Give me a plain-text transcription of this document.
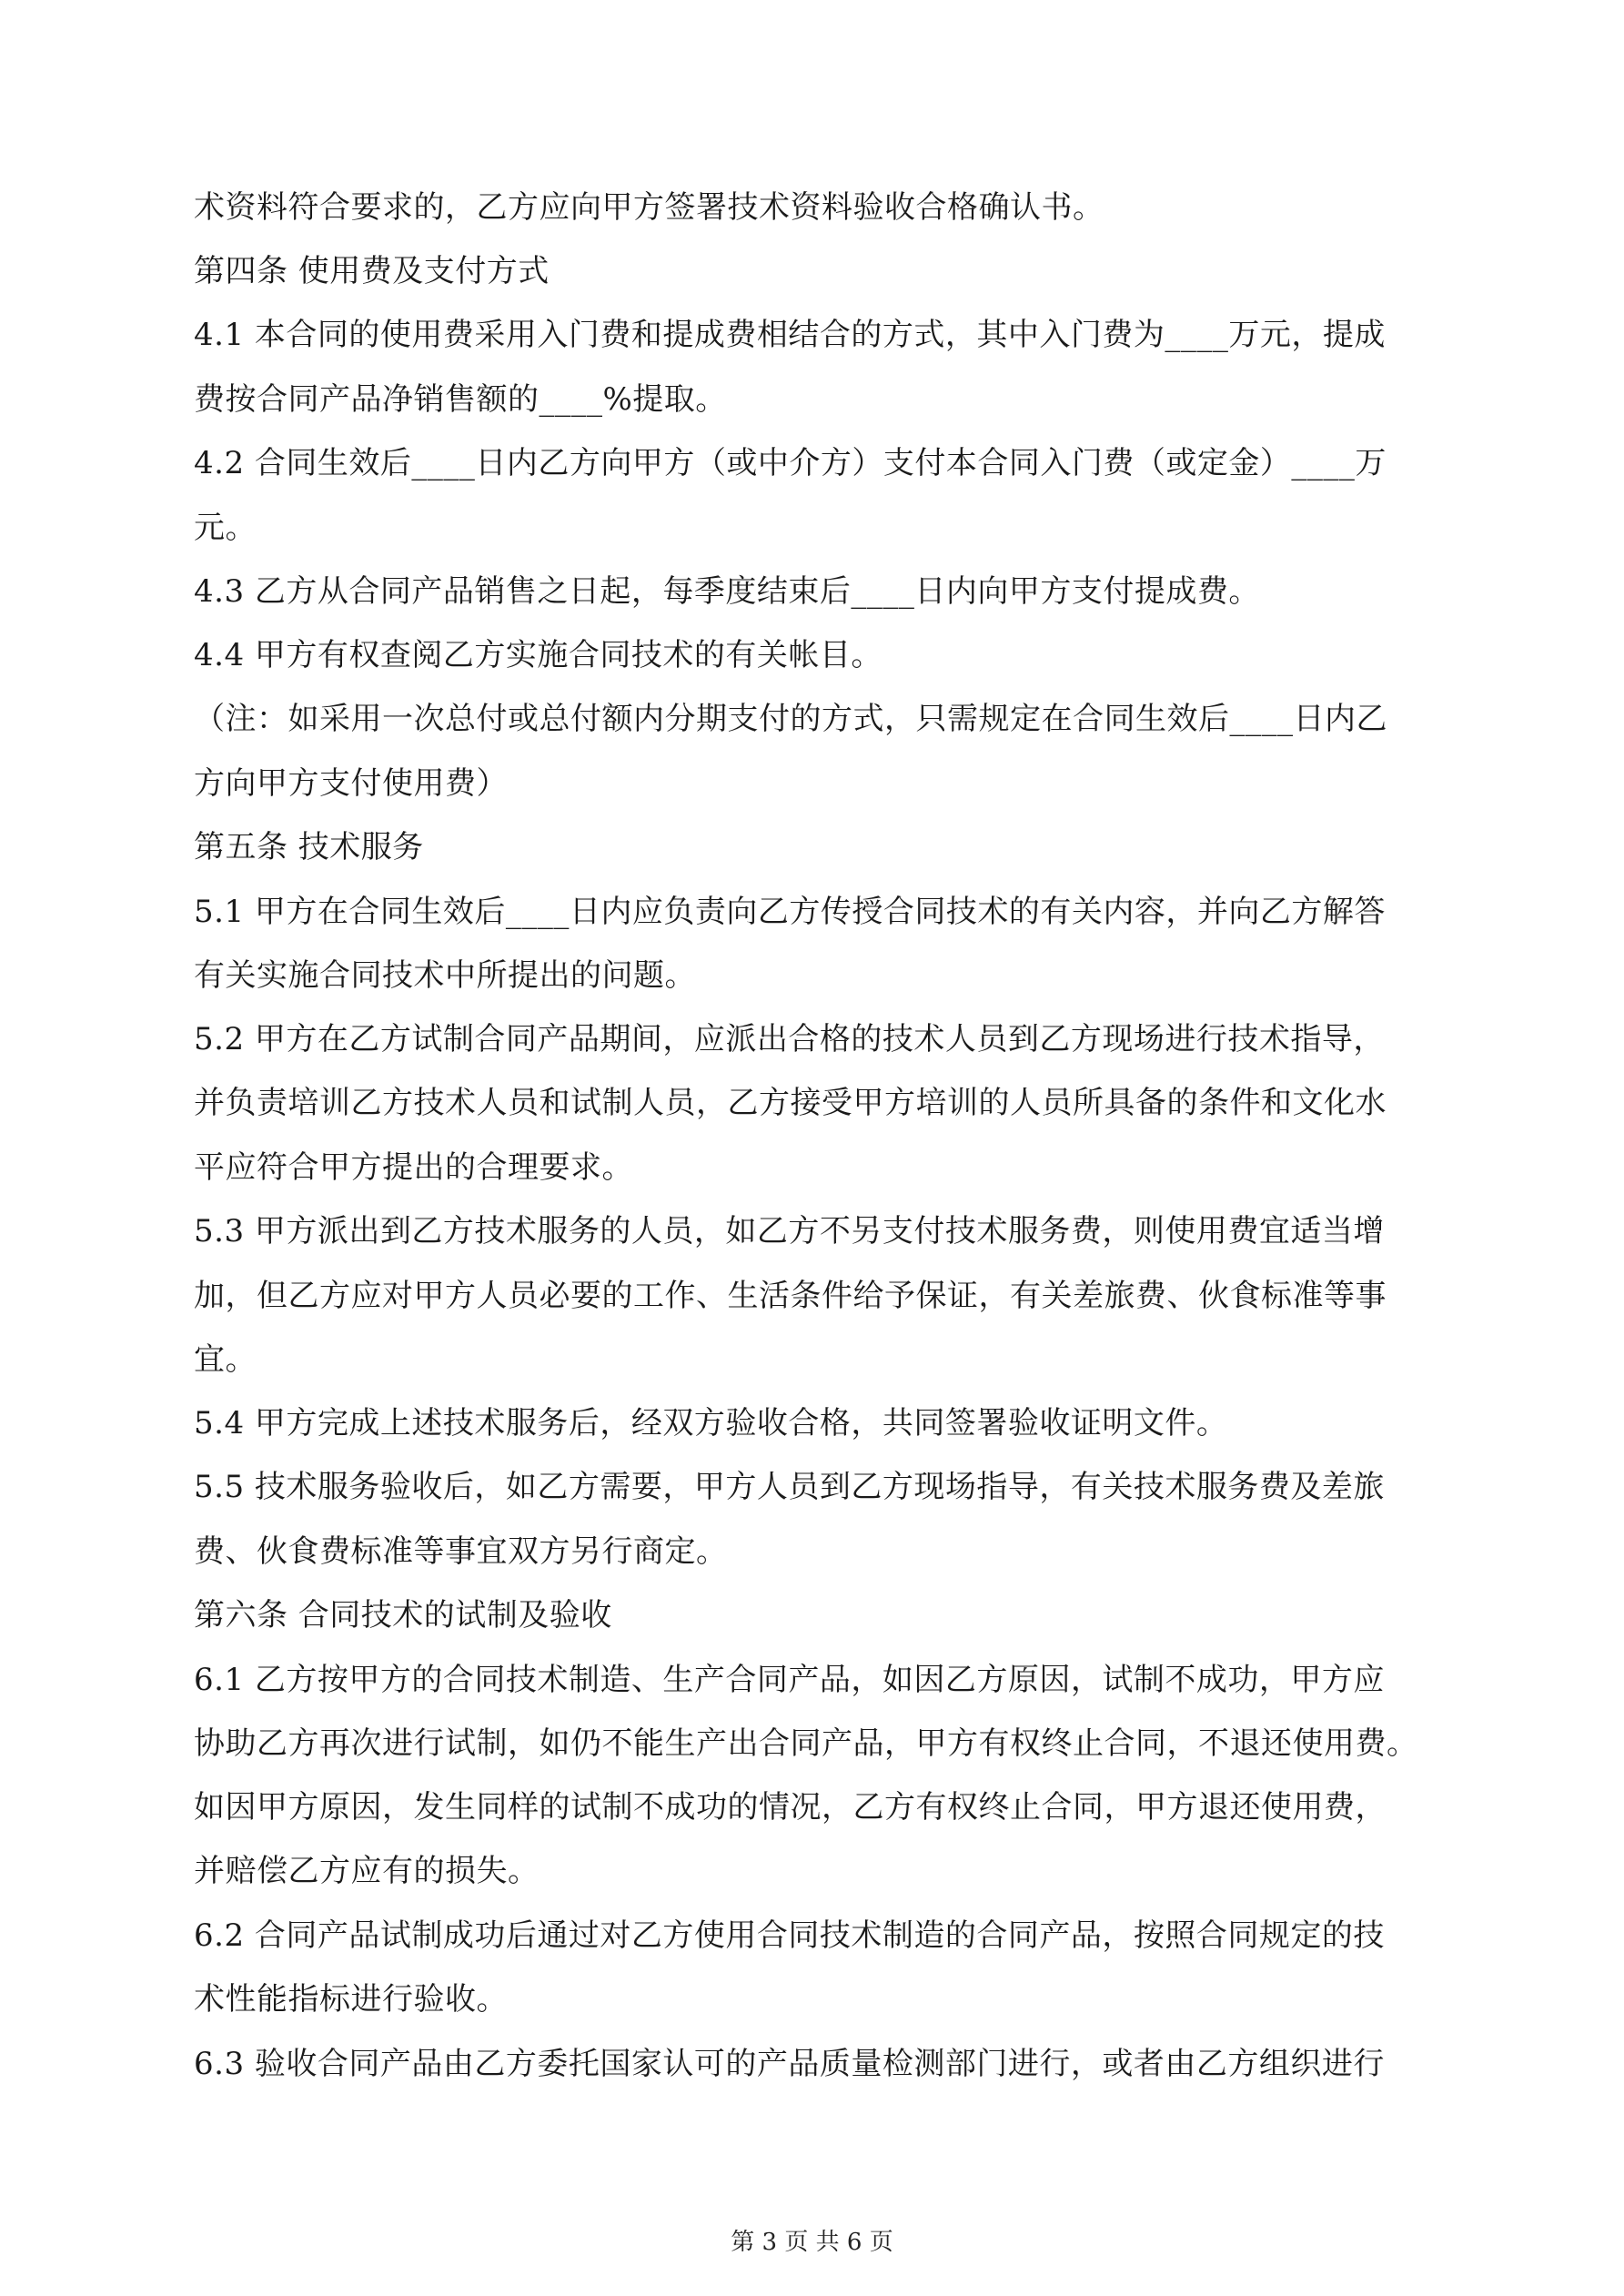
术资料符合要求的，乙方应向甲方签署技术资料验收合格确认书。
第四条 使用费及支付方式
4.1 本合同的使用费采用入门费和提成费相结合的方式，其中入门费为____万元，提成
费按合同产品净销售额的____%提取。
4.2 合同生效后____日内乙方向甲方（或中介方）支付本合同入门费（或定金）____万
元。
4.3 乙方从合同产品销售之日起，每季度结束后____日内向甲方支付提成费。
4.4 甲方有权查阅乙方实施合同技术的有关帐目。
（注：如采用一次总付或总付额内分期支付的方式，只需规定在合同生效后____日内乙
方向甲方支付使用费）
第五条 技术服务
5.1 甲方在合同生效后____日内应负责向乙方传授合同技术的有关内容，并向乙方解答
有关实施合同技术中所提出的问题。
5.2 甲方在乙方试制合同产品期间，应派出合格的技术人员到乙方现场进行技术指导，
并负责培训乙方技术人员和试制人员，乙方接受甲方培训的人员所具备的条件和文化水
平应符合甲方提出的合理要求。
5.3 甲方派出到乙方技术服务的人员，如乙方不另支付技术服务费，则使用费宜适当增
加，但乙方应对甲方人员必要的工作、生活条件给予保证，有关差旅费、伙食标准等事
宜。
5.4 甲方完成上述技术服务后，经双方验收合格，共同签署验收证明文件。
5.5 技术服务验收后，如乙方需要，甲方人员到乙方现场指导，有关技术服务费及差旅
费、伙食费标准等事宜双方另行商定。
第六条 合同技术的试制及验收
6.1 乙方按甲方的合同技术制造、生产合同产品，如因乙方原因，试制不成功，甲方应
协助乙方再次进行试制，如仍不能生产出合同产品，甲方有权终止合同，不退还使用费。
如因甲方原因，发生同样的试制不成功的情况，乙方有权终止合同，甲方退还使用费，
并赔偿乙方应有的损失。
6.2 合同产品试制成功后通过对乙方使用合同技术制造的合同产品，按照合同规定的技
术性能指标进行验收。
6.3 验收合同产品由乙方委托国家认可的产品质量检测部门进行，或者由乙方组织进行
第 3 页 共 6 页
